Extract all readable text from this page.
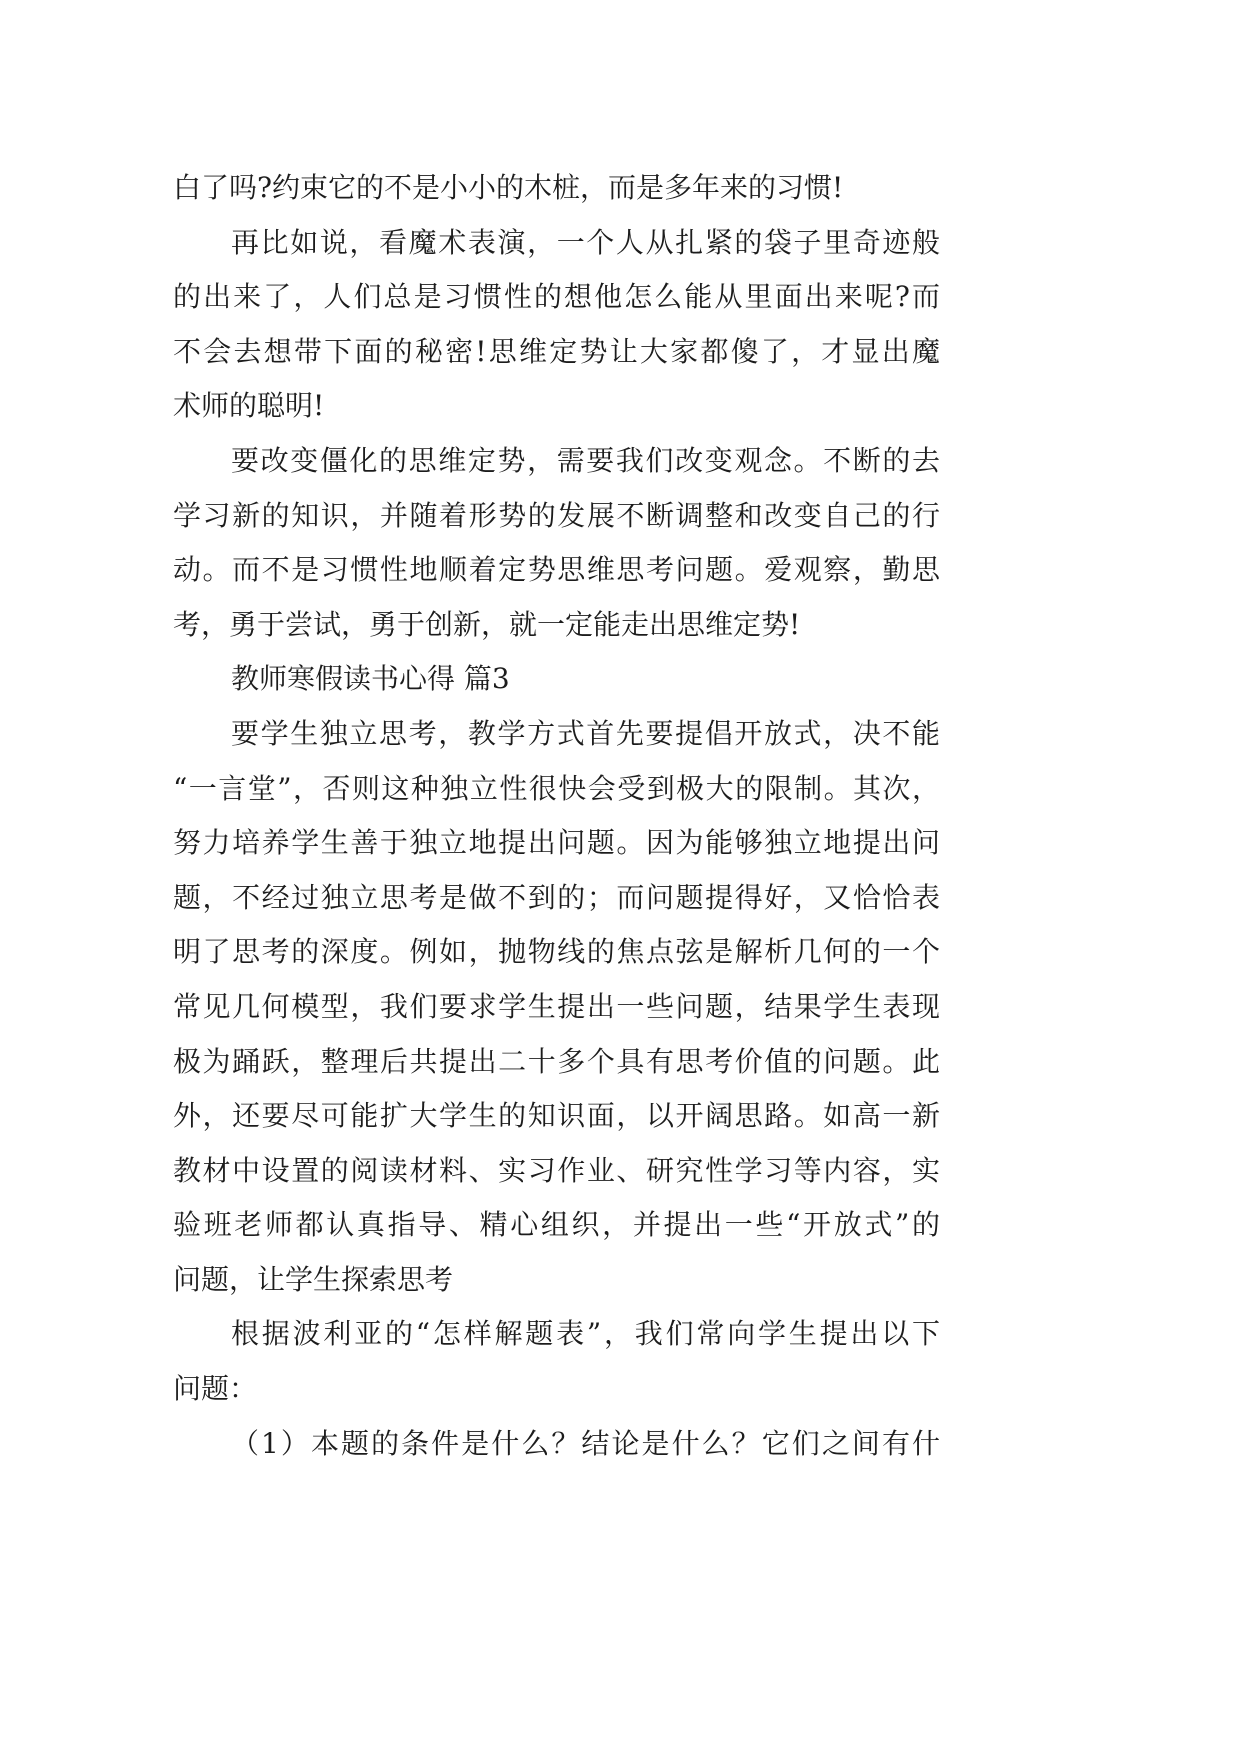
白了吗?约束它的不是小小的木桩，而是多年来的习惯!
再比如说，看魔术表演，一个人从扎紧的袋子里奇迹般
的出来了，人们总是习惯性的想他怎么能从里面出来呢?而
不会去想带下面的秘密!思维定势让大家都傻了，才显出魔
术师的聪明!
要改变僵化的思维定势，需要我们改变观念。不断的去
学习新的知识，并随着形势的发展不断调整和改变自己的行
动。而不是习惯性地顺着定势思维思考问题。爱观察，勤思
考，勇于尝试，勇于创新，就一定能走出思维定势!
教师寒假读书心得 篇3
要学生独立思考，教学方式首先要提倡开放式，决不能
“一言堂”，否则这种独立性很快会受到极大的限制。其次，
努力培养学生善于独立地提出问题。因为能够独立地提出问
题，不经过独立思考是做不到的；而问题提得好，又恰恰表
明了思考的深度。例如，抛物线的焦点弦是解析几何的一个
常见几何模型，我们要求学生提出一些问题，结果学生表现
极为踊跃，整理后共提出二十多个具有思考价值的问题。此
外，还要尽可能扩大学生的知识面，以开阔思路。如高一新
教材中设置的阅读材料、实习作业、研究性学习等内容，实
验班老师都认真指导、精心组织，并提出一些“开放式”的
问题，让学生探索思考
根据波利亚的“怎样解题表”，我们常向学生提出以下
问题：
（1）本题的条件是什么？结论是什么？它们之间有什
